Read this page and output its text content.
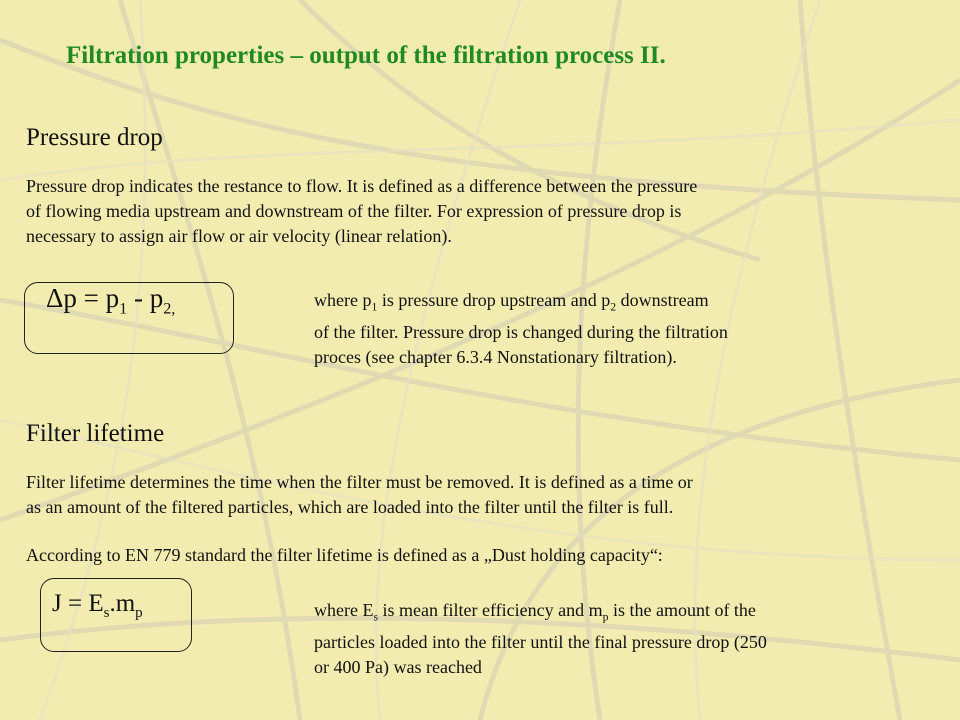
Filtration properties – output of the filtration process II.
Pressure drop
Pressure drop indicates the restance to flow. It is defined as a difference between the pressure
of flowing media upstream and downstream of the filter. For expression of pressure drop is
necessary to assign air flow or air velocity (linear relation).
$\Delta p = p_1 - p_{2,}$	where $p_1$ is pressure drop upstream and $p_2$ downstream
of the filter. Pressure drop is changed during the filtration
proces (see chapter 6.3.4 Nonstationary filtration).
Filter lifetime
Filter lifetime determines the time when the filter must be removed. It is defined as a time or
as an amount of the filtered particles, which are loaded into the filter until the filter is full.
According to EN 779 standard the filter lifetime is defined as a „Dust holding capacity“:
$J = E_s.m_p$	where $E_s$ is mean filter efficiency and $m_p$ is the amount of the
particles loaded into the filter until the final pressure drop (250
or 400 Pa) was reached
